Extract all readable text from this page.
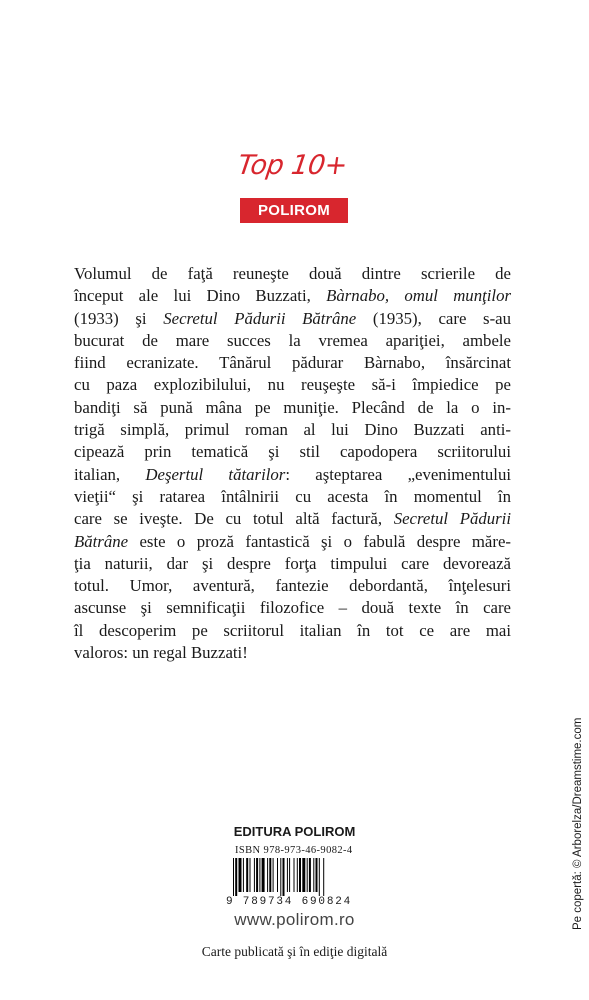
Top 10+
POLIROM

Volumul de faţă reuneşte două dintre scrierile de
început ale lui Dino Buzzati, Bàrnabo, omul munţilor
(1933) şi Secretul Pădurii Bătrâne (1935), care s-au
bucurat de mare succes la vremea apariţiei, ambele
fiind ecranizate. Tânărul pădurar Bàrnabo, însărcinat
cu paza explozibilului, nu reuşeşte să-i împiedice pe
bandiţi să pună mâna pe muniţie. Plecând de la o in-
trigă simplă, primul roman al lui Dino Buzzati anti-
cipează prin tematică şi stil capodopera scriitorului
italian, Deşertul tătarilor: aşteptarea „evenimentului
vieţii“ şi ratarea întâlnirii cu acesta în momentul în
care se iveşte. De cu totul altă factură, Secretul Pădurii
Bătrâne este o proză fantastică şi o fabulă despre măre-
ţia naturii, dar şi despre forţa timpului care devorează
totul. Umor, aventură, fantezie debordantă, înţelesuri
ascunse şi semnificaţii filozofice – două texte în care
îl descoperim pe scriitorul italian în tot ce are mai
valoros: un regal Buzzati!

Pe copertă: © Arborelza/Dreamstime.com
EDITURA POLIROM
ISBN 978-973-46-9082-4
9 789734 690824
www.polirom.ro
Carte publicată şi în ediţie digitală
